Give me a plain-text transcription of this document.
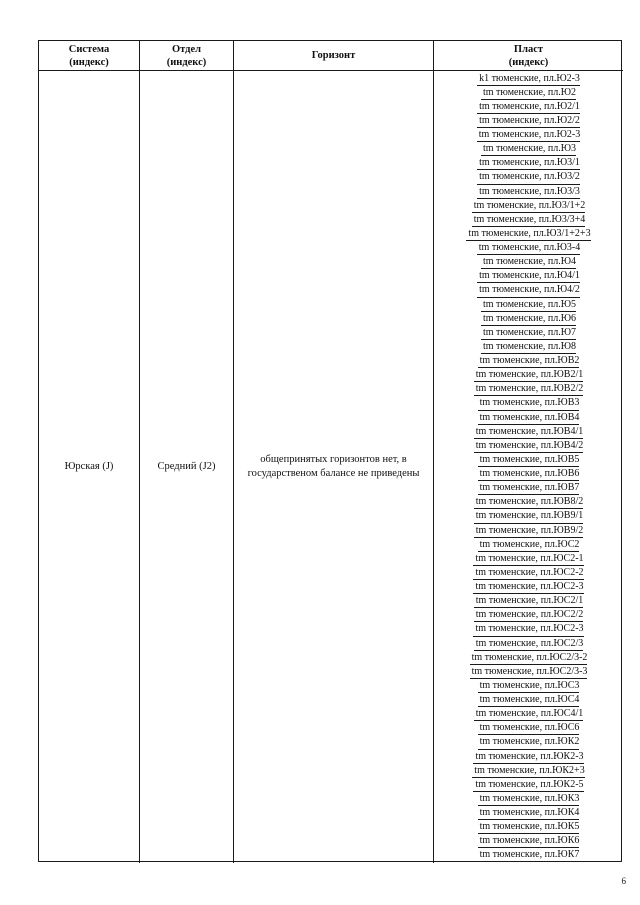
Система
(индекс)
Отдел
(индекс)
Горизонт
Пласт
(индекс)
Юрская (J)	Средний (J2)
общепринятых горизонтов нет, в государственом балансе не приведены
k1 тюменские, пл.Ю2-3
tm тюменские, пл.Ю2
tm тюменские, пл.Ю2/1
tm тюменские, пл.Ю2/2
tm тюменские, пл.Ю2-3
tm тюменские, пл.Ю3
tm тюменские, пл.Ю3/1
tm тюменские, пл.Ю3/2
tm тюменские, пл.Ю3/3
tm тюменские, пл.Ю3/1+2
tm тюменские, пл.Ю3/3+4
tm тюменские, пл.Ю3/1+2+3
tm тюменские, пл.Ю3-4
tm тюменские, пл.Ю4
tm тюменские, пл.Ю4/1
tm тюменские, пл.Ю4/2
tm тюменские, пл.Ю5
tm тюменские, пл.Ю6
tm тюменские, пл.Ю7
tm тюменские, пл.Ю8
tm тюменские, пл.ЮВ2
tm тюменские, пл.ЮВ2/1
tm тюменские, пл.ЮВ2/2
tm тюменские, пл.ЮВ3
tm тюменские, пл.ЮВ4
tm тюменские, пл.ЮВ4/1
tm тюменские, пл.ЮВ4/2
tm тюменские, пл.ЮВ5
tm тюменские, пл.ЮВ6
tm тюменские, пл.ЮВ7
tm тюменские, пл.ЮВ8/2
tm тюменские, пл.ЮВ9/1
tm тюменские, пл.ЮВ9/2
tm тюменские, пл.ЮС2
tm тюменские, пл.ЮС2-1
tm тюменские, пл.ЮС2-2
tm тюменские, пл.ЮС2-3
tm тюменские, пл.ЮС2/1
tm тюменские, пл.ЮС2/2
tm тюменские, пл.ЮС2-3
tm тюменские, пл.ЮС2/3
tm тюменские, пл.ЮС2/3-2
tm тюменские, пл.ЮС2/3-3
tm тюменские, пл.ЮС3
tm тюменские, пл.ЮС4
tm тюменские, пл.ЮС4/1
tm тюменские, пл.ЮС6
tm тюменские, пл.ЮК2
tm тюменские, пл.ЮК2-3
tm тюменские, пл.ЮК2+3
tm тюменские, пл.ЮК2-5
tm тюменские, пл.ЮК3
tm тюменские, пл.ЮК4
tm тюменские, пл.ЮК5
tm тюменские, пл.ЮК6
tm тюменские, пл.ЮК7
6
